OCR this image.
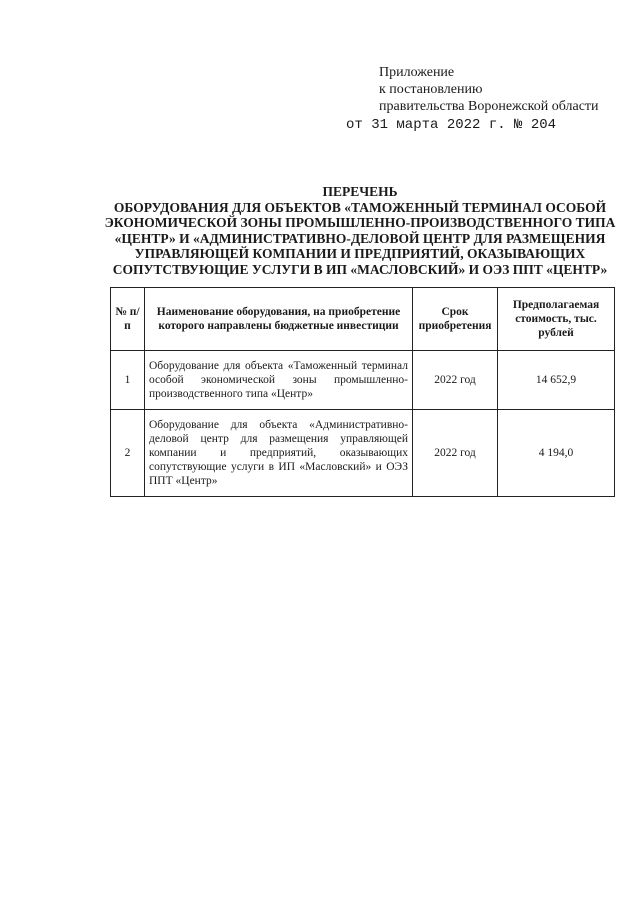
Приложение
к постановлению
правительства Воронежской области
от 31 марта 2022 г. № 204
ПЕРЕЧЕНЬ
ОБОРУДОВАНИЯ ДЛЯ ОБЪЕКТОВ «ТАМОЖЕННЫЙ ТЕРМИНАЛ ОСОБОЙ
ЭКОНОМИЧЕСКОЙ ЗОНЫ ПРОМЫШЛЕННО-ПРОИЗВОДСТВЕННОГО ТИПА
«ЦЕНТР» И «АДМИНИСТРАТИВНО-ДЕЛОВОЙ ЦЕНТР ДЛЯ РАЗМЕЩЕНИЯ
УПРАВЛЯЮЩЕЙ КОМПАНИИ И ПРЕДПРИЯТИЙ, ОКАЗЫВАЮЩИХ
СОПУТСТВУЮЩИЕ УСЛУГИ В ИП «МАСЛОВСКИЙ» И ОЭЗ ППТ «ЦЕНТР»
№ п/п	Наименование оборудования, на приобретение которого направлены бюджетные инвестиции	Срок приобретения	Предполагаемая стоимость, тыс. рублей
1	Оборудование для объекта «Таможенный терминал особой экономической зоны промышленно-производственного типа «Центр»	2022 год	14 652,9
2	Оборудование для объекта «Административно-деловой центр для размещения управляющей компании и предприятий, оказывающих сопутствующие услуги в ИП «Масловский» и ОЭЗ ППТ «Центр»	2022 год	4 194,0
